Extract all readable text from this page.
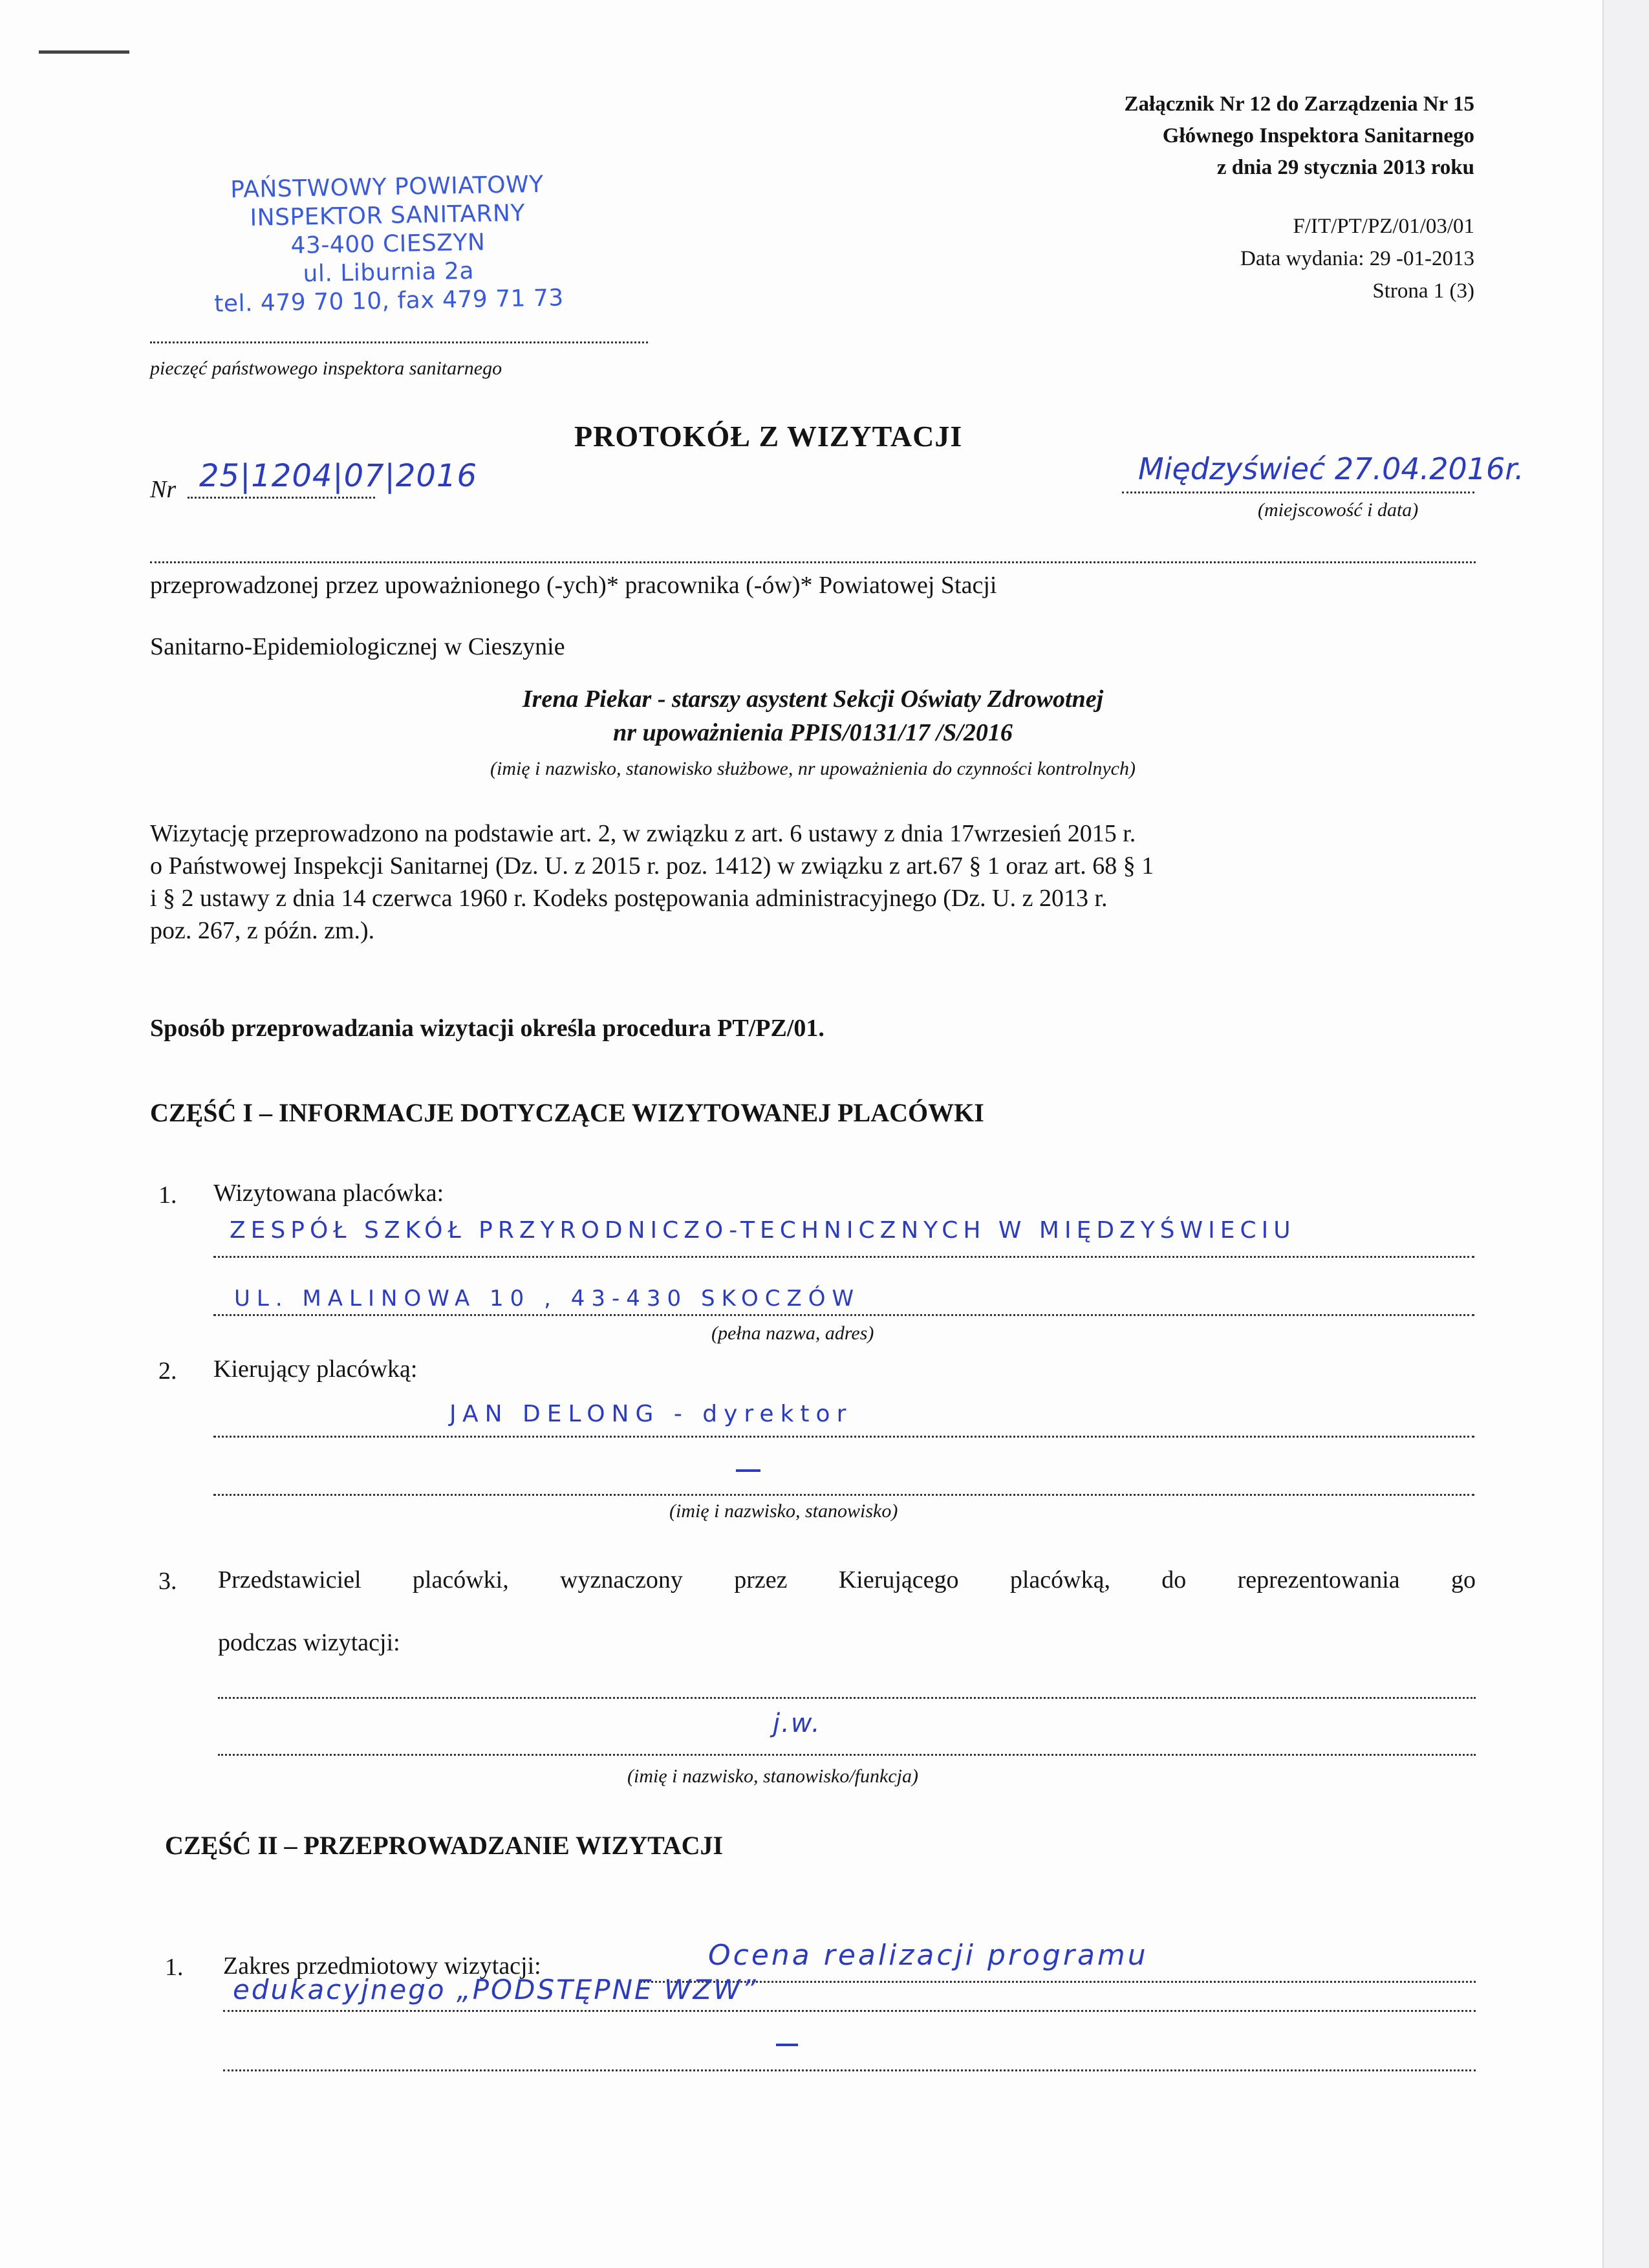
Załącznik Nr 12 do Zarządzenia Nr 15
Głównego Inspektora Sanitarnego
z dnia 29 stycznia 2013 roku
F/IT/PT/PZ/01/03/01
Data wydania: 29 -01-2013
Strona 1 (3)
PAŃSTWOWY POWIATOWY
INSPEKTOR SANITARNY
43-400 CIESZYN
ul. Liburnia 2a
tel. 479 70 10, fax 479 71 73
pieczęć państwowego inspektora sanitarnego
PROTOKÓŁ Z WIZYTACJI
Nr 25|1204|07|2016	Międzyświeć 27.04.2016r.
(miejscowość i data)
przeprowadzonej przez upoważnionego (-ych)* pracownika (-ów)* Powiatowej Stacji
Sanitarno-Epidemiologicznej w Cieszynie
Irena Piekar - starszy asystent Sekcji Oświaty Zdrowotnej
nr upoważnienia PPIS/0131/17 /S/2016
(imię i nazwisko, stanowisko służbowe, nr upoważnienia do czynności kontrolnych)
Wizytację przeprowadzono na podstawie art. 2, w związku z art. 6 ustawy z dnia 17wrzesień 2015 r.
o Państwowej Inspekcji Sanitarnej (Dz. U. z 2015 r. poz. 1412) w związku z art.67 § 1 oraz art. 68 § 1
i § 2 ustawy z dnia 14 czerwca 1960 r. Kodeks postępowania administracyjnego (Dz. U. z 2013 r.
poz. 267, z późn. zm.).
Sposób przeprowadzania wizytacji określa procedura PT/PZ/01.
CZĘŚĆ I – INFORMACJE DOTYCZĄCE WIZYTOWANEJ PLACÓWKI
1. Wizytowana placówka:
ZESPÓŁ SZKÓŁ PRZYRODNICZO-TECHNICZNYCH W MIĘDZYŚWIECIU
UL. MALINOWA 10 , 43-430 SKOCZÓW
(pełna nazwa, adres)
2. Kierujący placówką:
JAN DELONG - dyrektor
(imię i nazwisko, stanowisko)
3. Przedstawiciel placówki, wyznaczony przez Kierującego placówką, do reprezentowania go
podczas wizytacji:
j.w.
(imię i nazwisko, stanowisko/funkcja)
CZĘŚĆ II – PRZEPROWADZANIE WIZYTACJI
1. Zakres przedmiotowy wizytacji:	Ocena realizacji programu
edukacyjnego „PODSTĘPNE WZW”
